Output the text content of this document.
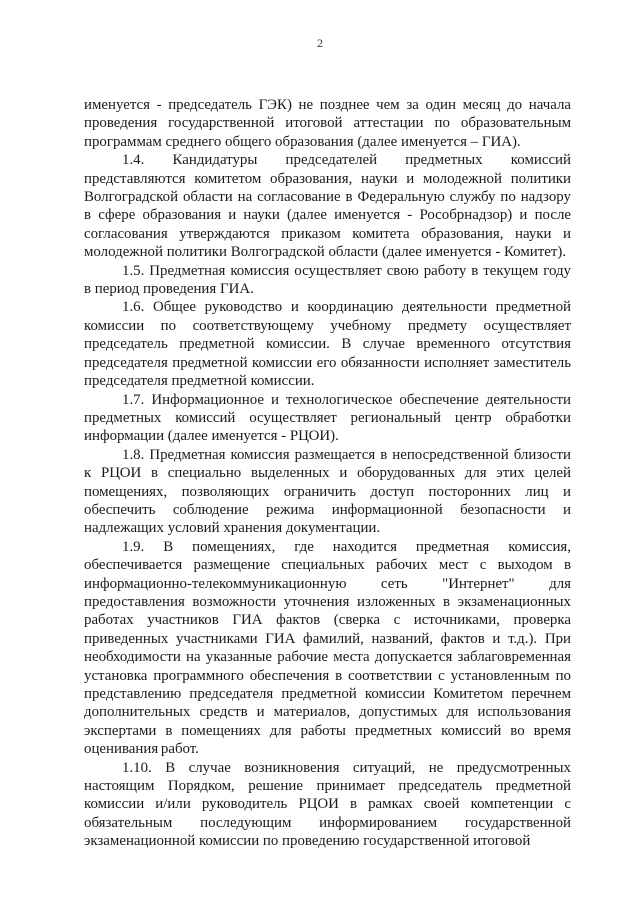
2

именуется - председатель ГЭК) не позднее чем за один месяц до начала проведения государственной итоговой аттестации по образовательным программам среднего общего образования (далее именуется – ГИА).

1.4. Кандидатуры председателей предметных комиссий представляются комитетом образования, науки и молодежной политики Волгоградской области на согласование в Федеральную службу по надзору в сфере образования и науки (далее именуется - Рособрнадзор) и после согласования утверждаются приказом комитета образования, науки и молодежной политики Волгоградской области (далее именуется - Комитет).

1.5. Предметная комиссия осуществляет свою работу в текущем году в период проведения ГИА.

1.6. Общее руководство и координацию деятельности предметной комиссии по соответствующему учебному предмету осуществляет председатель предметной комиссии. В случае временного отсутствия председателя предметной комиссии его обязанности исполняет заместитель председателя предметной комиссии.

1.7. Информационное и технологическое обеспечение деятельности предметных комиссий осуществляет региональный центр обработки информации (далее именуется - РЦОИ).

1.8. Предметная комиссия размещается в непосредственной близости к РЦОИ в специально выделенных и оборудованных для этих целей помещениях, позволяющих ограничить доступ посторонних лиц и обеспечить соблюдение режима информационной безопасности и надлежащих условий хранения документации.

1.9. В помещениях, где находится предметная комиссия, обеспечивается размещение специальных рабочих мест с выходом в информационно-телекоммуникационную сеть "Интернет" для предоставления возможности уточнения изложенных в экзаменационных работах участников ГИА фактов (сверка с источниками, проверка приведенных участниками ГИА фамилий, названий, фактов и т.д.). При необходимости на указанные рабочие места допускается заблаговременная установка программного обеспечения в соответствии с установленным по представлению председателя предметной комиссии Комитетом перечнем дополнительных средств и материалов, допустимых для использования экспертами в помещениях для работы предметных комиссий во время оценивания работ.

1.10. В случае возникновения ситуаций, не предусмотренных настоящим Порядком, решение принимает председатель предметной комиссии и/или руководитель РЦОИ в рамках своей компетенции с обязательным последующим информированием государственной экзаменационной комиссии по проведению государственной итоговой
